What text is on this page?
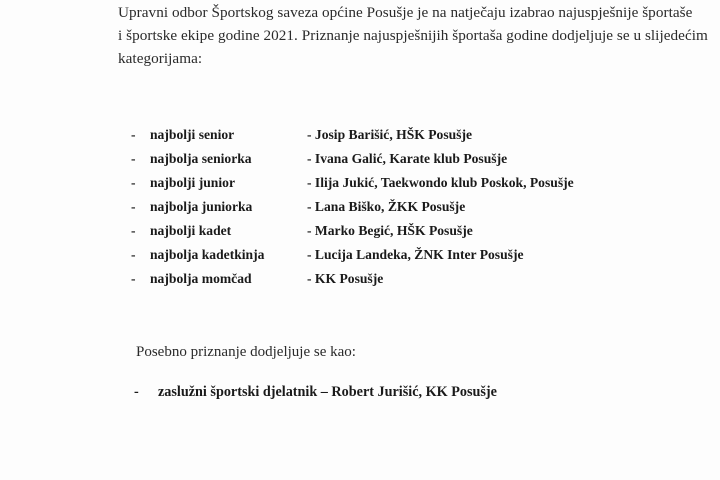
Upravni odbor Športskog saveza općine Posušje je na natječaju izabrao najuspješnije športaše
i športske ekipe godine 2021. Priznanje najuspješnijih športaša godine dodjeljuje se u slijedećim
kategorijama:
- najbolji senior	- Josip Barišić, HŠK Posušje
- najbolja seniorka	- Ivana Galić, Karate klub Posušje
- najbolji junior	- Ilija Jukić, Taekwondo klub Poskok, Posušje
- najbolja juniorka	- Lana Biško, ŽKK Posušje
- najbolji kadet	- Marko Begić, HŠK Posušje
- najbolja kadetkinja	- Lucija Landeka, ŽNK Inter Posušje
- najbolja momčad	- KK Posušje
Posebno priznanje dodjeljuje se kao:
- zaslužni športski djelatnik – Robert Jurišić, KK Posušje
